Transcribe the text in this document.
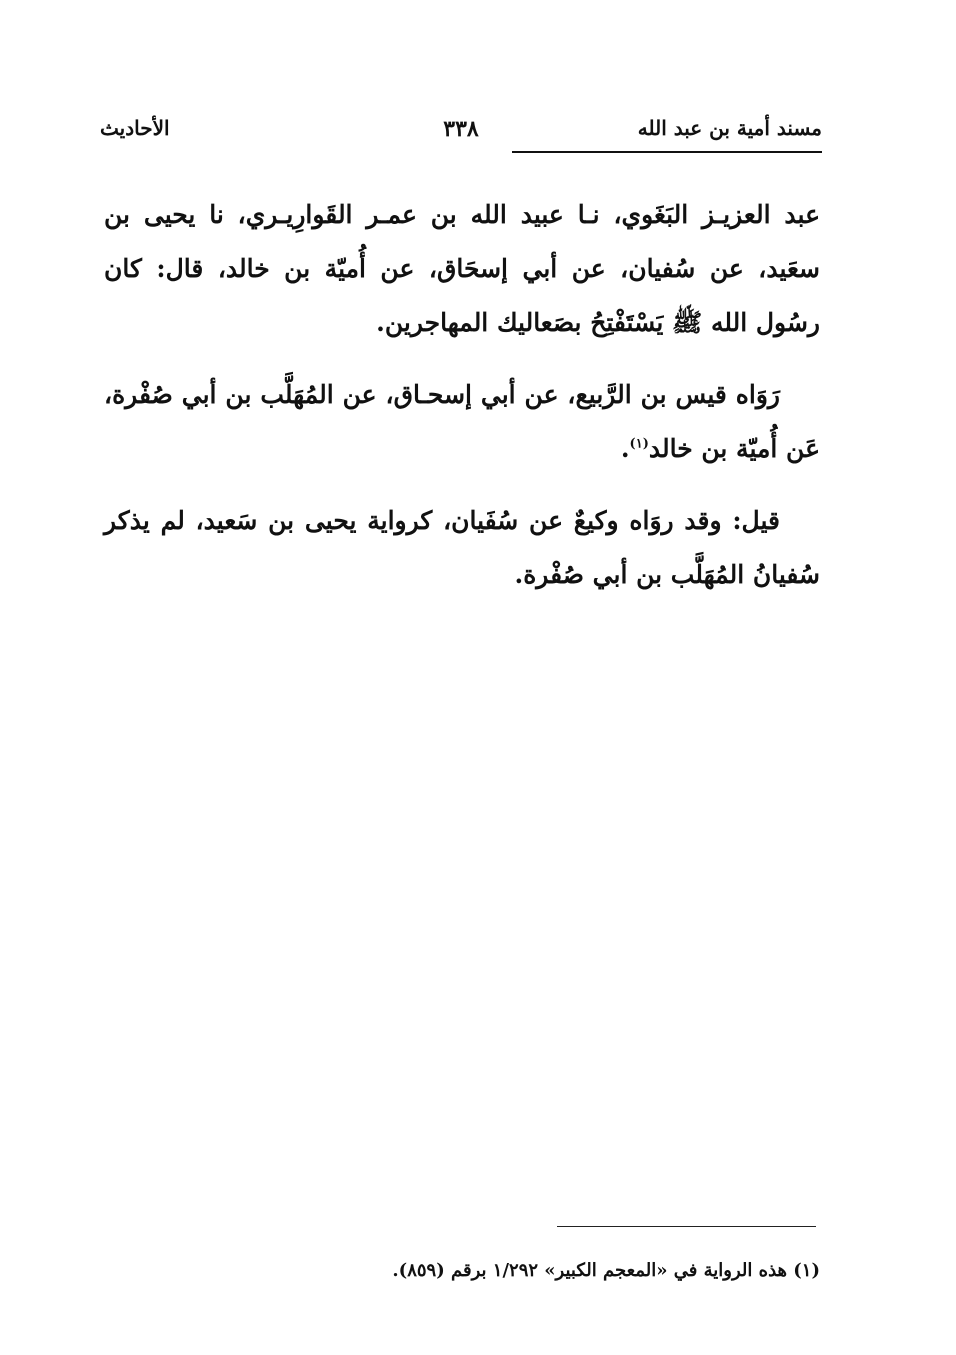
مسند أمية بن عبد الله
٣٣٨
الأحاديث

عبد العزيـز البَغَوي، نـا عبيد الله بن عمـر القَوارِيـري، نا يحيى بن سعَيد، عن سُفيان، عن أبي إسحَاق، عن أُميّة بن خالد، قال: كان رسُول الله ﷺ يَسْتَفْتِحُ بصَعاليك المهاجرين.

رَوَاه قيس بن الرَّبيع، عن أبي إسحـاق، عن المُهَلَّب بن أبي صُفْرة، عَن أُميّة بن خالد$^{(١)}$.

قيل: وقد روَاه وكيعٌ عن سُفَيان، كرواية يحيى بن سَعيد، لم يذكر سُفيانُ المُهَلَّب بن أبي صُفْرة.

(١) هذه الرواية في «المعجم الكبير» ١/٢٩٢ برقم (٨٥٩).
